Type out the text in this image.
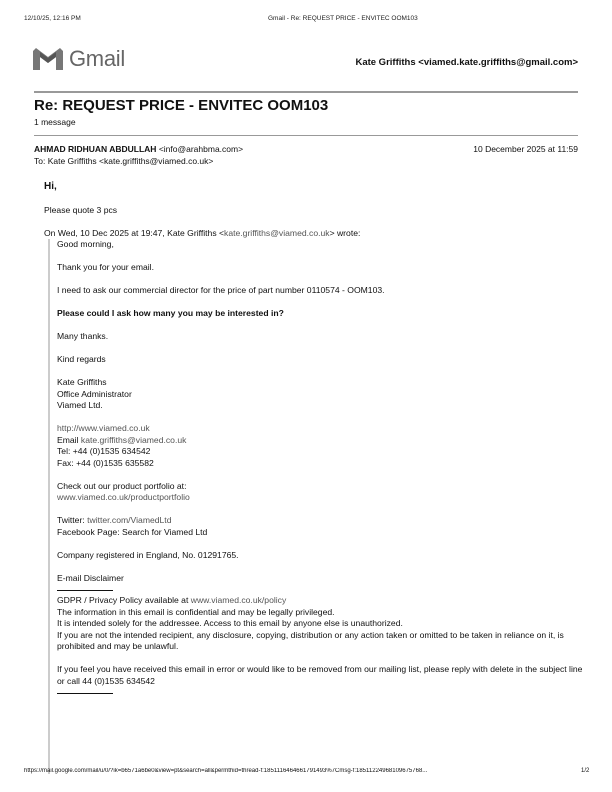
12/10/25, 12:16 PM	Gmail - Re: REQUEST PRICE - ENVITEC OOM103
Gmail	Kate Griffiths <viamed.kate.griffiths@gmail.com>
Re: REQUEST PRICE - ENVITEC OOM103
1 message
AHMAD RIDHUAN ABDULLAH <info@arahbma.com>	10 December 2025 at 11:59
To: Kate Griffiths <kate.griffiths@viamed.co.uk>

Hi,

Please quote 3 pcs

On Wed, 10 Dec 2025 at 19:47, Kate Griffiths <kate.griffiths@viamed.co.uk> wrote:

Good morning,

Thank you for your email.

I need to ask our commercial director for the price of part number 0110574 - OOM103.

Please could I ask how many you may be interested in?

Many thanks.

Kind regards

Kate Griffiths
Office Administrator
Viamed Ltd.

http://www.viamed.co.uk
Email kate.griffiths@viamed.co.uk
Tel: +44 (0)1535 634542
Fax: +44 (0)1535 635582

Check out our product portfolio at:
www.viamed.co.uk/productportfolio

Twitter: twitter.com/ViamedLtd
Facebook Page: Search for Viamed Ltd

Company registered in England, No. 01291765.

E-mail Disclaimer

GDPR / Privacy Policy available at www.viamed.co.uk/policy
The information in this email is confidential and may be legally privileged.
It is intended solely for the addressee. Access to this email by anyone else is unauthorized.
If you are not the intended recipient, any disclosure, copying, distribution or any action taken or omitted to be taken in reliance on it, is prohibited and may be unlawful.

If you feel you have received this email in error or would like to be removed from our mailing list, please reply with delete in the subject line or call 44 (0)1535 634542
https://mail.google.com/mail/u/0/?ik=b6571a6be0&view=pt&search=all&permthid=thread-f:1851116464661791493%7Cmsg-f:18511224968109675768...	1/2
